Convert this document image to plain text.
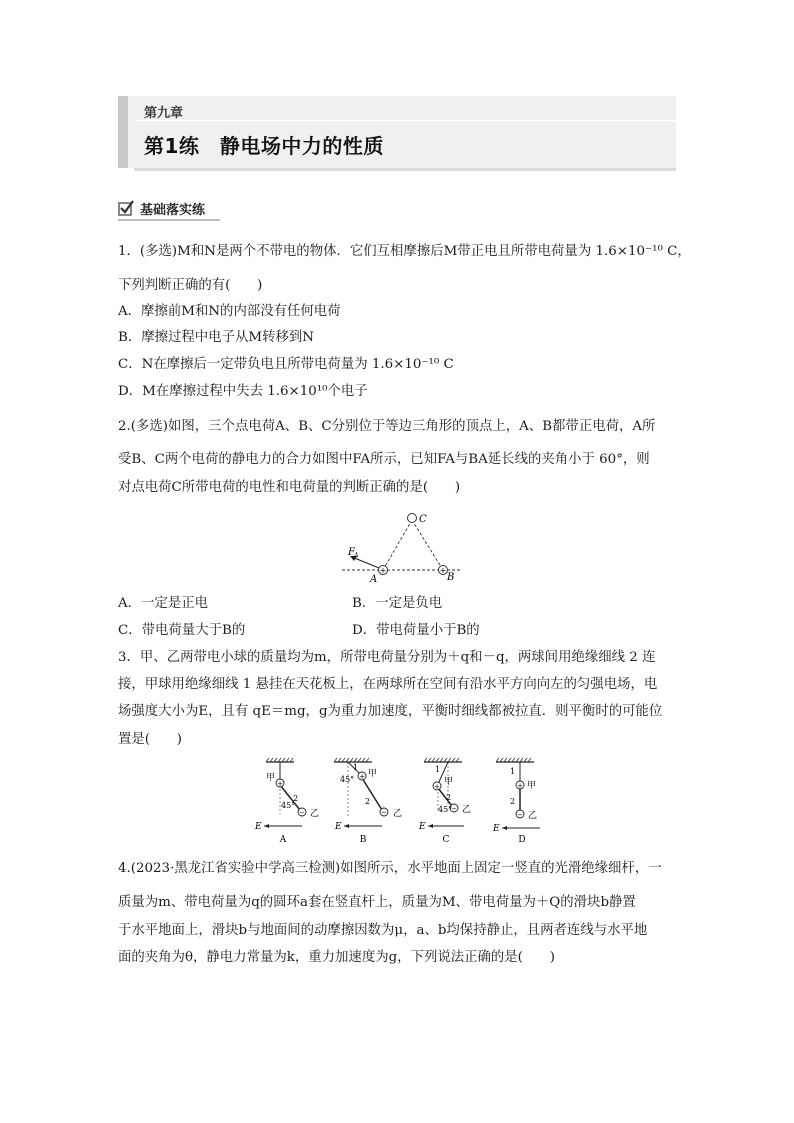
第九章
第1练　静电场中力的性质
基础落实练
1．(多选)M和N是两个不带电的物体．它们互相摩擦后M带正电且所带电荷量为 1.6×10⁻¹⁰ C，
下列判断正确的有(　　)
A．摩擦前M和N的内部没有任何电荷
B．摩擦过程中电子从M转移到N
C．N在摩擦后一定带负电且所带电荷量为 1.6×10⁻¹⁰ C
D．M在摩擦过程中失去 1.6×10¹⁰个电子
2.(多选)如图，三个点电荷A、B、C分别位于等边三角形的顶点上，A、B都带正电荷，A所
受B、C两个电荷的静电力的合力如图中FA所示，已知FA与BA延长线的夹角小于 60°，则
对点电荷C所带电荷的电性和电荷量的判断正确的是(　　)
+	+
C
A	B
F A
A．一定是正电	B．一定是负电
C．带电荷量大于B的	D．带电荷量小于B的
3．甲、乙两带电小球的质量均为m，所带电荷量分别为＋q和－q，两球间用绝缘细线 2 连
接，甲球用绝缘细线 1 悬挂在天花板上，在两球所在空间有沿水平方向向左的匀强电场，电
场强度大小为E，且有 qE＝mg，g为重力加速度，平衡时细线都被拉直．则平衡时的可能位
置是(　　)
+
−
甲
2
45°
乙
E
A
+
−
1
甲
45°
2
乙
E
B
+
−
1
甲
2
45° 乙
E
C
+
−
1
甲
2
乙
E
D
4.(2023·黑龙江省实验中学高三检测)如图所示，水平地面上固定一竖直的光滑绝缘细杆，一
质量为m、带电荷量为q的圆环a套在竖直杆上，质量为M、带电荷量为＋Q的滑块b静置
于水平地面上，滑块b与地面间的动摩擦因数为μ，a、b均保持静止，且两者连线与水平地
面的夹角为θ，静电力常量为k，重力加速度为g，下列说法正确的是(　　)
